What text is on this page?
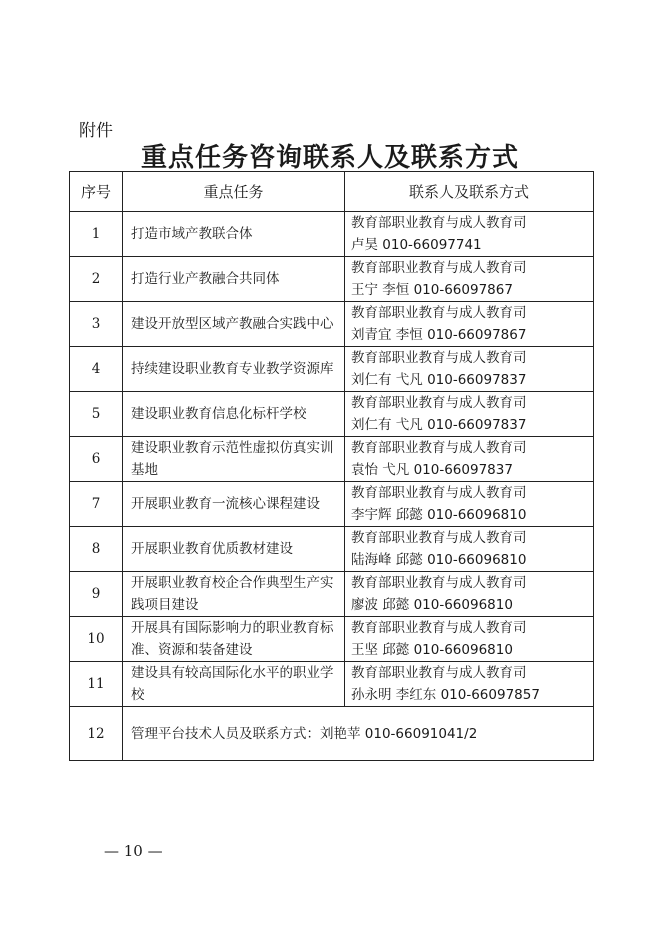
附件
重点任务咨询联系人及联系方式
序号	重点任务	联系人及联系方式
1	打造市域产教联合体	教育部职业教育与成人教育司
卢昊 010-66097741

2	打造行业产教融合共同体	教育部职业教育与成人教育司
王宁 李恒 010-66097867

3	建设开放型区域产教融合实践中心	教育部职业教育与成人教育司
刘青宜 李恒 010-66097867

4	持续建设职业教育专业教学资源库	教育部职业教育与成人教育司
刘仁有 弋凡 010-66097837

5	建设职业教育信息化标杆学校	教育部职业教育与成人教育司
刘仁有 弋凡 010-66097837

6	建设职业教育示范性虚拟仿真实训基地	教育部职业教育与成人教育司
袁怡 弋凡 010-66097837

7	开展职业教育一流核心课程建设	教育部职业教育与成人教育司
李宇辉 邱懿 010-66096810

8	开展职业教育优质教材建设	教育部职业教育与成人教育司
陆海峰 邱懿 010-66096810

9	开展职业教育校企合作典型生产实践项目建设	教育部职业教育与成人教育司
廖波 邱懿 010-66096810

10	开展具有国际影响力的职业教育标准、资源和装备建设	教育部职业教育与成人教育司
王坚 邱懿 010-66096810

11	建设具有较高国际化水平的职业学校	教育部职业教育与成人教育司
孙永明 李红东 010-66097857

12	管理平台技术人员及联系方式：刘艳苹 010-66091041/2	
— 10 —
